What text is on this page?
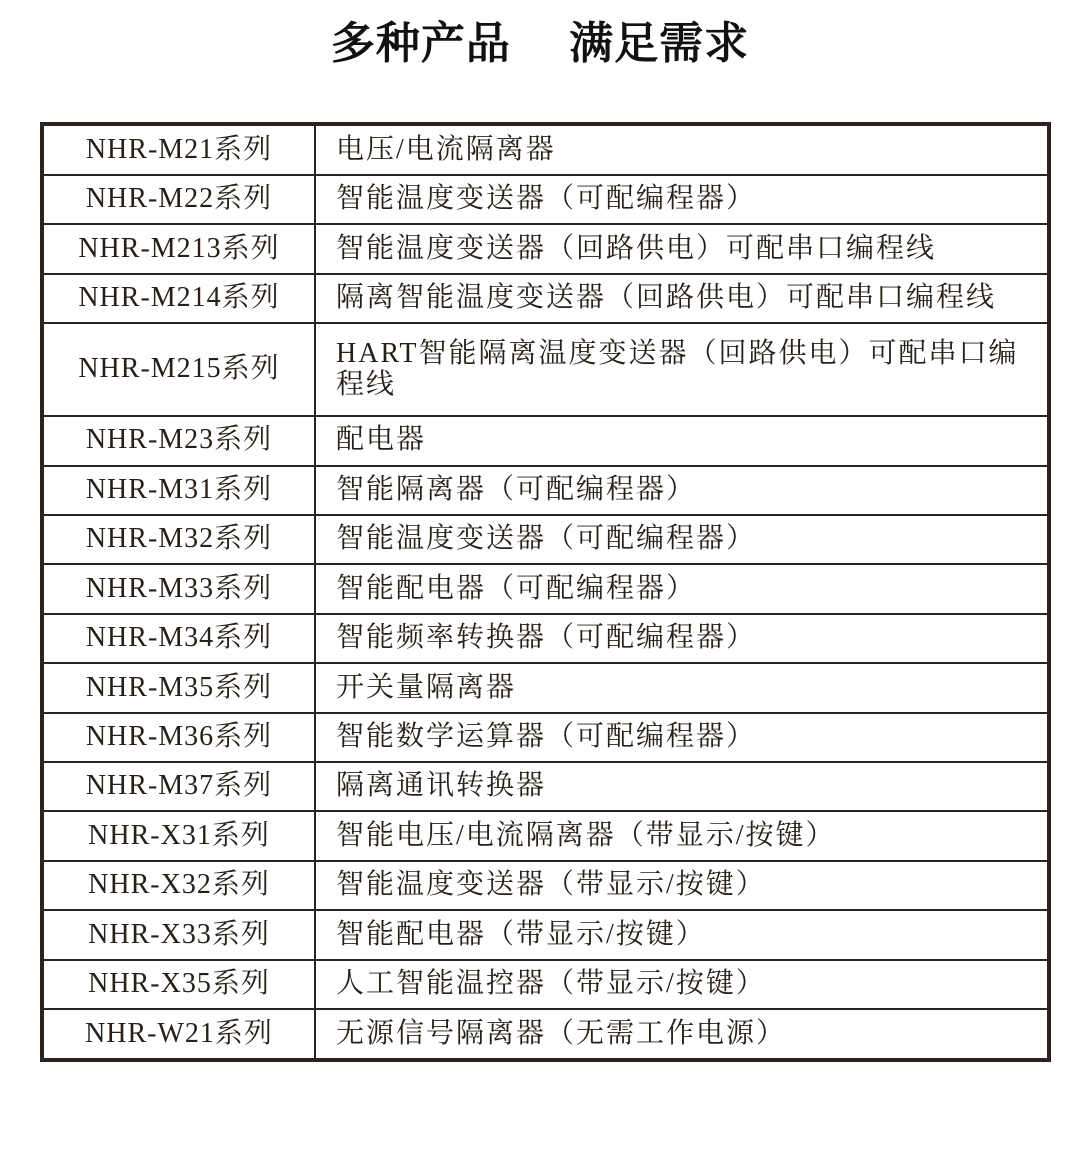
多种产品　 满足需求
NHR-M21系列	电压/电流隔离器
NHR-M22系列	智能温度变送器（可配编程器）
NHR-M213系列	智能温度变送器（回路供电）可配串口编程线
NHR-M214系列	隔离智能温度变送器（回路供电）可配串口编程线
NHR-M215系列	HART智能隔离温度变送器（回路供电）可配串口编程线
NHR-M23系列	配电器
NHR-M31系列	智能隔离器（可配编程器）
NHR-M32系列	智能温度变送器（可配编程器）
NHR-M33系列	智能配电器（可配编程器）
NHR-M34系列	智能频率转换器（可配编程器）
NHR-M35系列	开关量隔离器
NHR-M36系列	智能数学运算器（可配编程器）
NHR-M37系列	隔离通讯转换器
NHR-X31系列	智能电压/电流隔离器（带显示/按键）
NHR-X32系列	智能温度变送器（带显示/按键）
NHR-X33系列	智能配电器（带显示/按键）
NHR-X35系列	人工智能温控器（带显示/按键）
NHR-W21系列	无源信号隔离器（无需工作电源）
